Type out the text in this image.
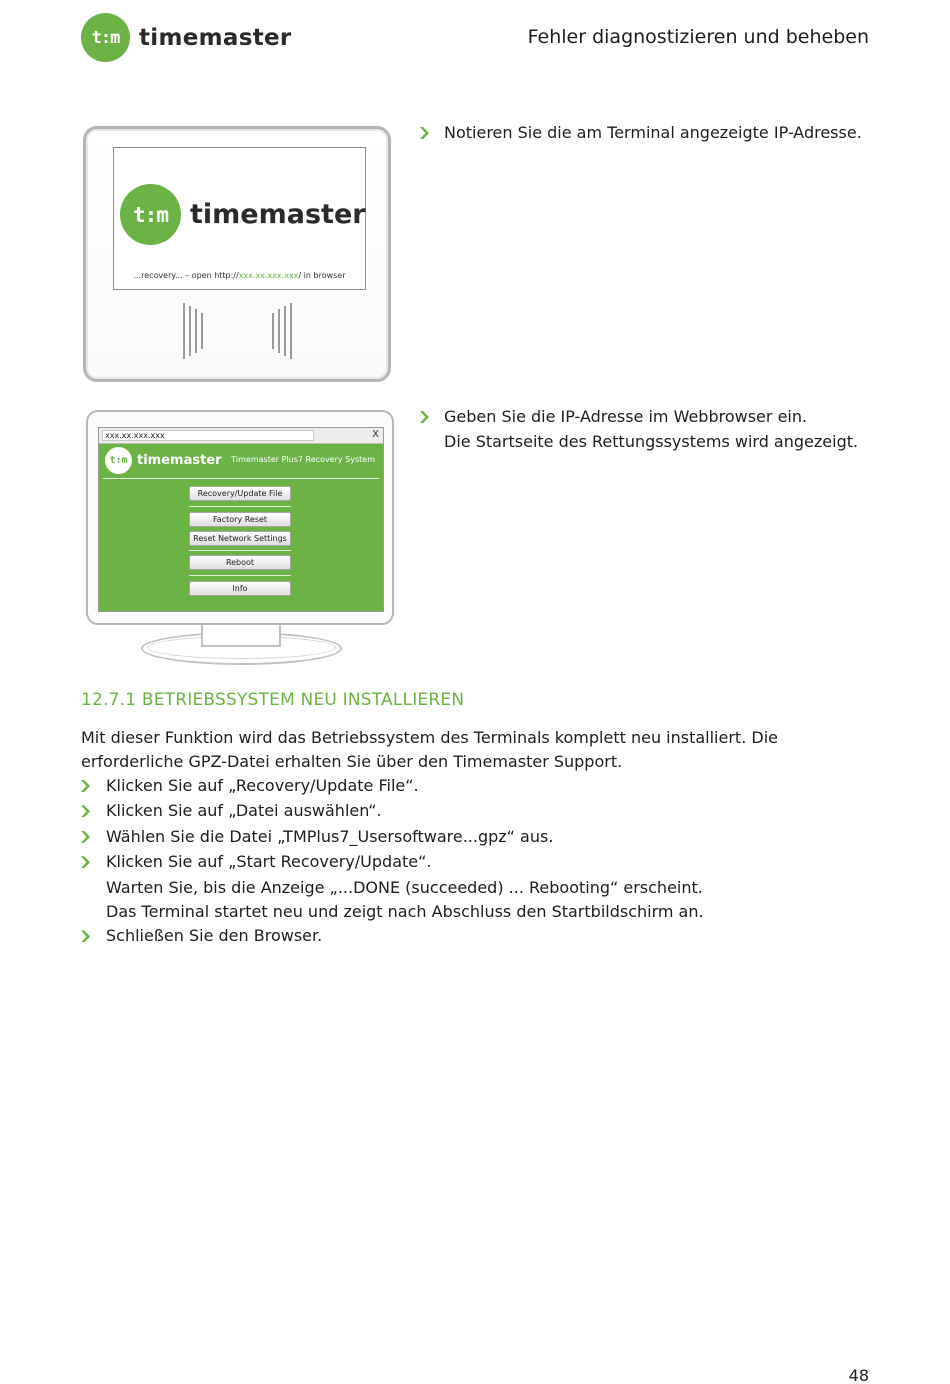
t:m timemaster	Fehler diagnostizieren und beheben
t:m timemaster
...recovery... – open http://xxx.xx.xxx.xxx/ in browser
xxx.xx.xxx.xxx	X
t:m timemaster Timemaster Plus7 Recovery System
Recovery/Update File
Factory Reset
Reset Network Settings
Reboot
Info
Notieren Sie die am Terminal angezeigte IP-Adresse.
Geben Sie die IP-Adresse im Webbrowser ein.
Die Startseite des Rettungssystems wird angezeigt.
12.7.1 BETRIEBSSYSTEM NEU INSTALLIEREN
Mit dieser Funktion wird das Betriebssystem des Terminals komplett neu installiert. Die erforderliche GPZ-Datei erhalten Sie über den Timemaster Support.
Klicken Sie auf „Recovery/Update File“.
Klicken Sie auf „Datei auswählen“.
Wählen Sie die Datei „TMPlus7_Usersoftware...gpz“ aus.
Klicken Sie auf „Start Recovery/Update“.
Warten Sie, bis die Anzeige „...DONE (succeeded) ... Rebooting“ erscheint.
Das Terminal startet neu und zeigt nach Abschluss den Startbildschirm an.
Schließen Sie den Browser.
48
